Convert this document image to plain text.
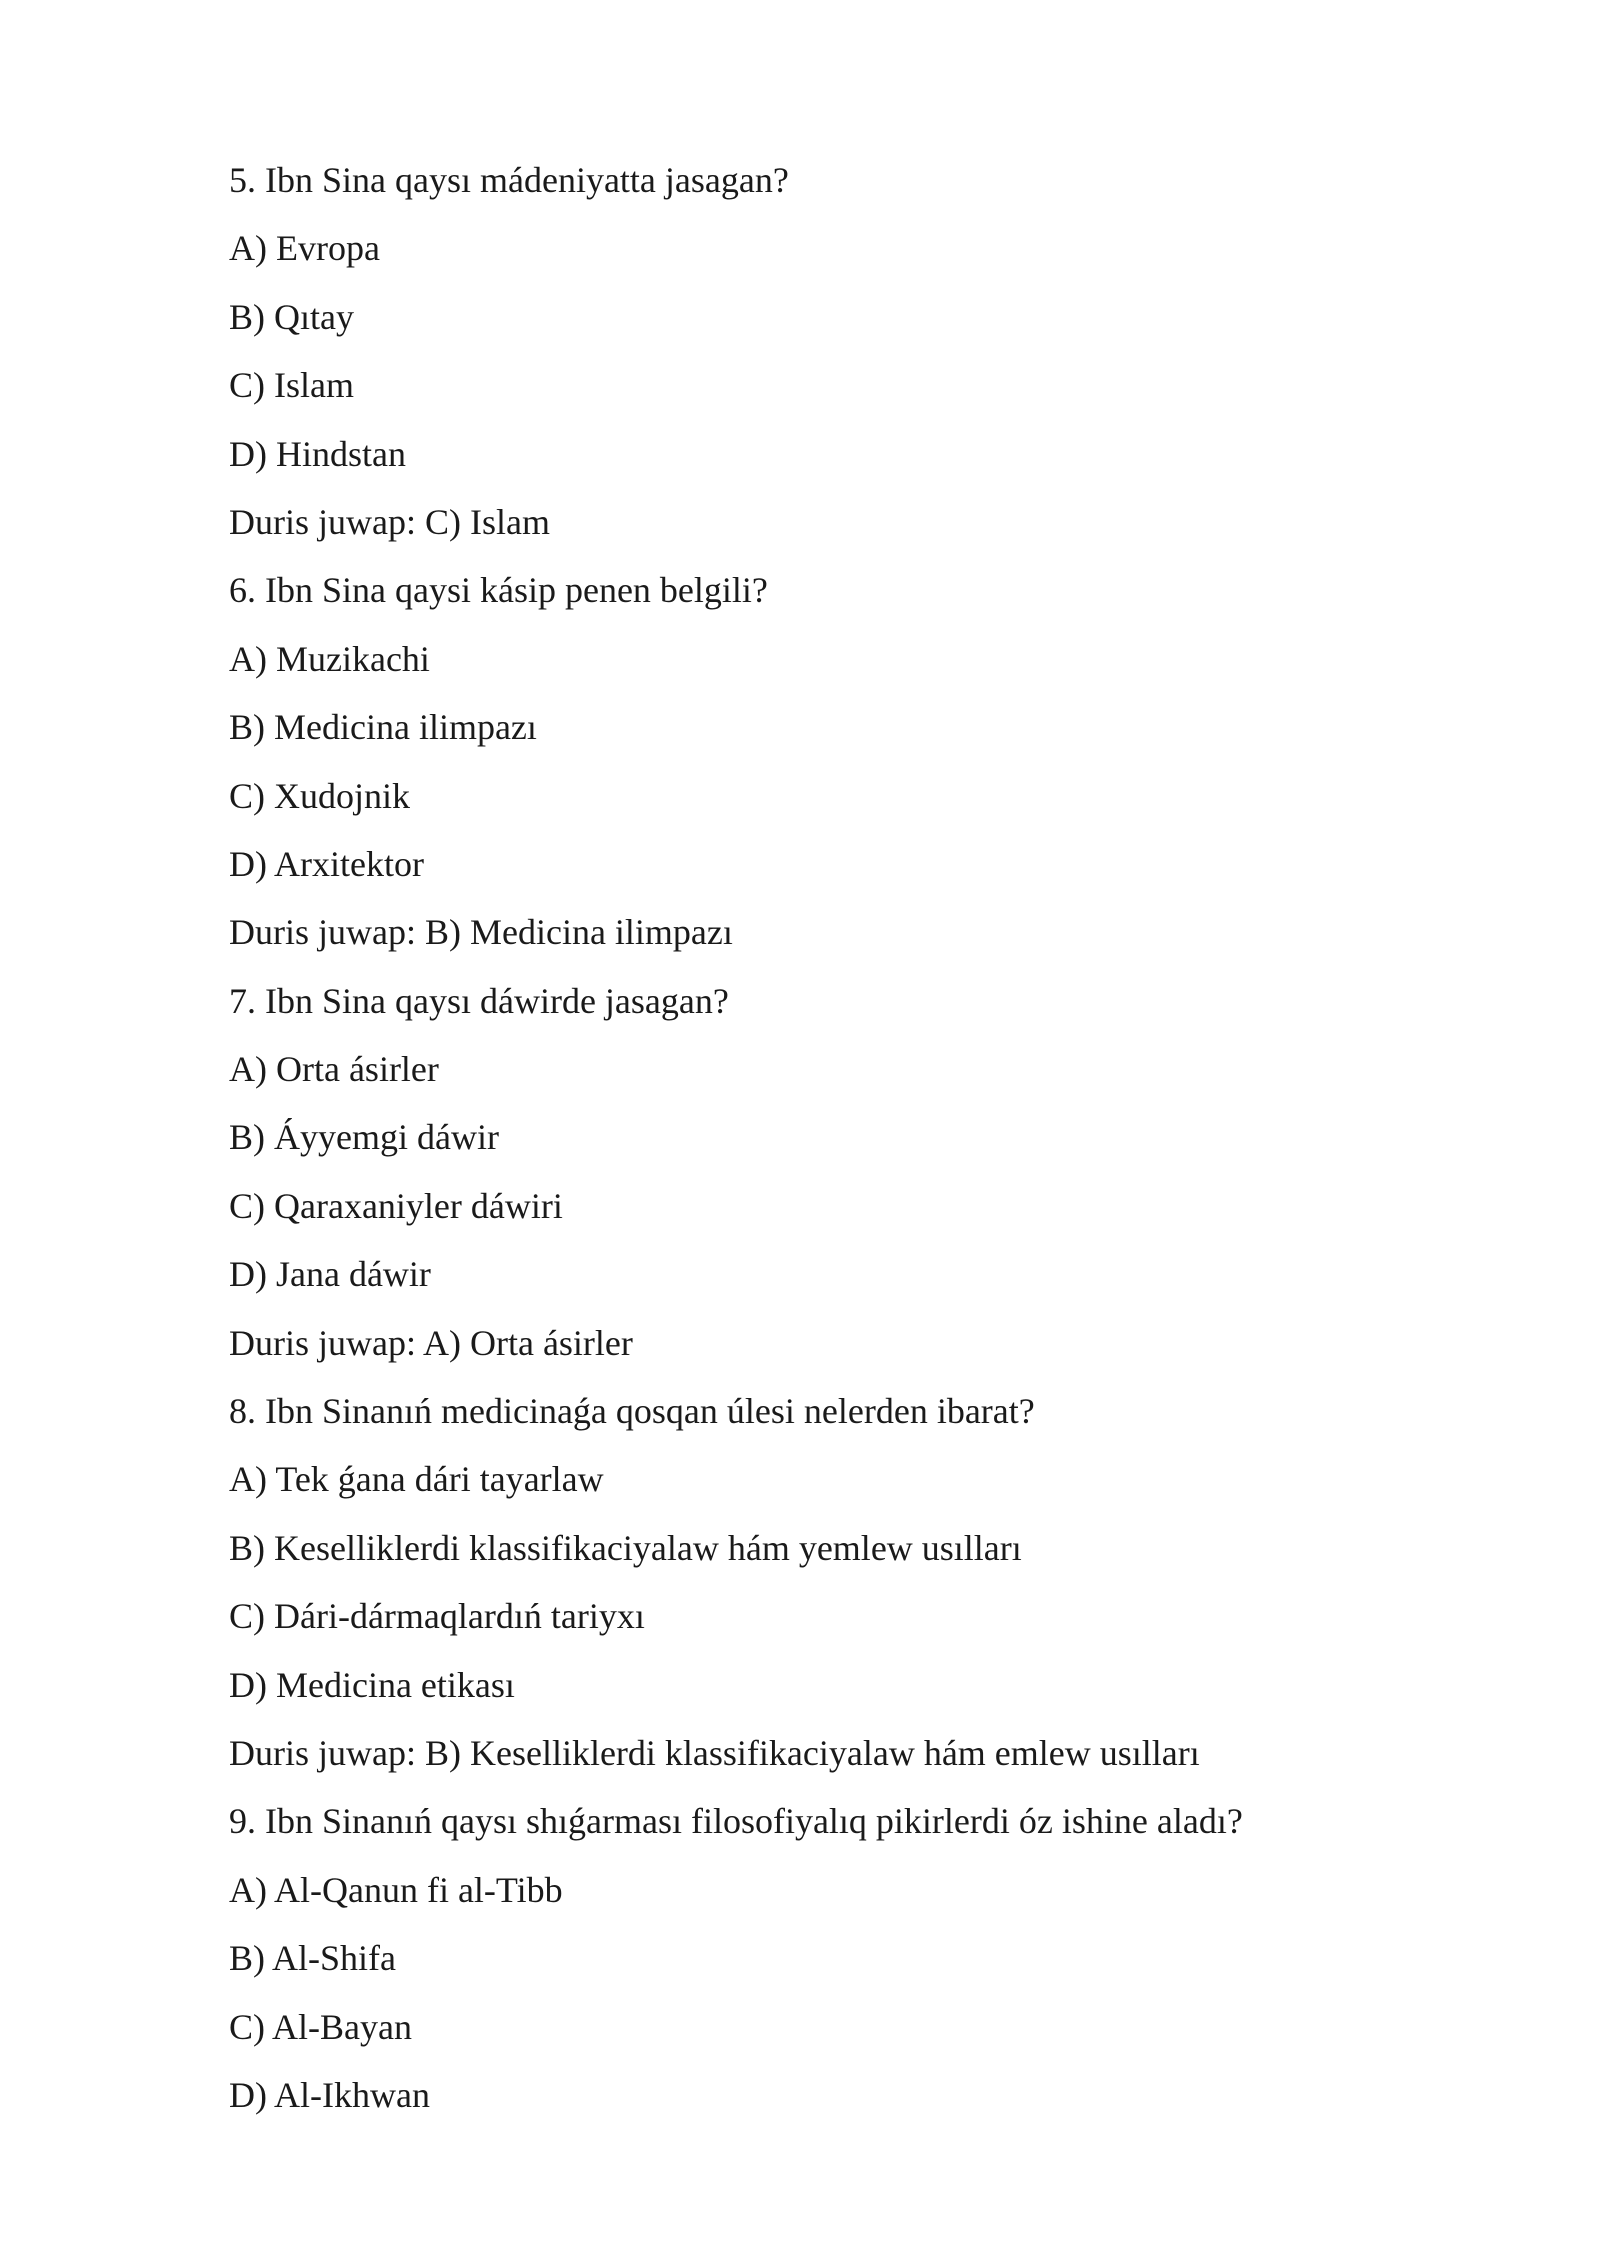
5. Ibn Sina qaysı mádeniyatta jasagan?
A) Evropa
B) Qıtay
C) Islam
D) Hindstan
Duris juwap: C) Islam
6. Ibn Sina qaysi kásip penen belgili?
A) Muzikachi
B) Medicina ilimpazı
C) Xudojnik
D) Arxitektor
Duris juwap: B) Medicina ilimpazı
7. Ibn Sina qaysı dáwirde jasagan?
A) Orta ásirler
B) Áyyemgi dáwir
C) Qaraxaniyler dáwiri
D) Jana dáwir
Duris juwap: A) Orta ásirler
8. Ibn Sinanıń medicinaǵa qosqan úlesi nelerden ibarat?
A) Tek ǵana dári tayarlaw
B) Keselliklerdi klassifikaciyalaw hám yemlew usılları
C) Dári-dármaqlardıń tariyxı
D) Medicina etikası
Duris juwap: B) Keselliklerdi klassifikaciyalaw hám emlew usılları
9. Ibn Sinanıń qaysı shıǵarması filosofiyalıq pikirlerdi óz ishine aladı?
A) Al-Qanun fi al-Tibb
B) Al-Shifa
C) Al-Bayan
D) Al-Ikhwan
